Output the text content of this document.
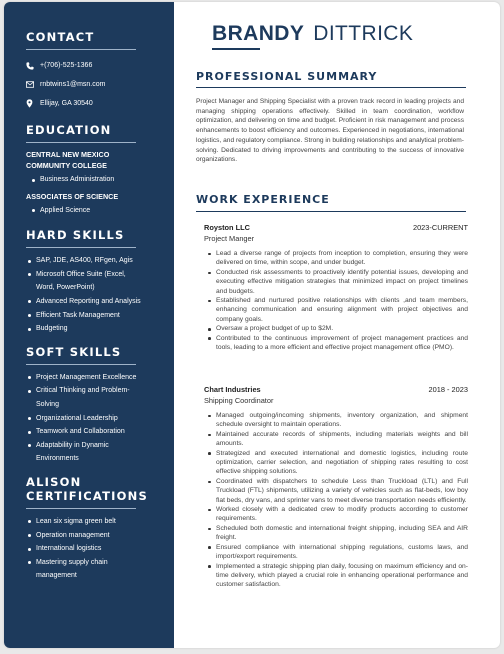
CONTACT
+(706)-525-1366
rnbtwins1@msn.com
Ellijay, GA 30540
EDUCATION
CENTRAL NEW MEXICO COMMUNITY COLLEGE
Business Administration
ASSOCIATES OF SCIENCE
Applied Science
HARD SKILLS
SAP, JDE, AS400, RFgen, Agis
Microsoft Office Suite (Excel, Word, PowerPoint)
Advanced Reporting and Analysis
Efficient Task Management
Budgeting
SOFT SKILLS
Project Management Excellence
Critical Thinking and Problem-Solving
Organizational Leadership
Teamwork and Collaboration
Adaptability in Dynamic Environments
ALISON
CERTIFICATIONS
Lean six sigma green belt
Operation management
International logistics
Mastering supply chain management
BRANDY DITTRICK
PROFESSIONAL SUMMARY
Project Manager and Shipping Specialist with a proven track record in leading projects and managing shipping operations effectively. Skilled in team coordination, workflow optimization, and delivering on time and budget. Proficient in risk management and process enhancements to boost efficiency and outcomes. Experienced in negotiations, international logistics, and regulatory compliance. Strong in building relationships and analytical problem-solving. Dedicated to driving improvements and contributing to the success of innovative organizations.
WORK EXPERIENCE
Royston LLC	2023-CURRENT
Project Manger
Lead a diverse range of projects from inception to completion, ensuring they were delivered on time, within scope, and under budget.
Conducted risk assessments to proactively identify potential issues, developing and executing effective mitigation strategies that minimized impact on project timelines and budgets.
Established and nurtured positive relationships with clients ,and team members, enhancing communication and ensuring alignment with project objectives and company goals.
Oversaw a project budget of up to $2M.
Contributed to the continuous improvement of project management practices and tools, leading to a more efficient and effective project management office (PMO).
Chart Industries	2018 - 2023
Shipping Coordinator
Managed outgoing/incoming shipments, inventory organization, and shipment schedule oversight to maintain operations.
Maintained accurate records of shipments, including materials weights and bill amounts.
Strategized and executed international and domestic logistics, including route optimization, carrier selection, and negotiation of shipping rates resulting to cost effective shipping solutions.
Coordinated with dispatchers to schedule Less than Truckload (LTL) and Full Truckload (FTL) shipments, utilizing a variety of vehicles such as flat-beds, low boy flat beds, dry vans, and sprinter vans to meet diverse transportation needs efficiently.
Worked closely with a dedicated crew to modify products according to customer requirements.
Scheduled both domestic and international freight shipping, including SEA and AIR freight.
Ensured compliance with international shipping regulations, customs laws, and import/export requirements.
Implemented a strategic shipping plan daily, focusing on maximum efficiency and on-time delivery, which played a crucial role in enhancing operational performance and customer satisfaction.
